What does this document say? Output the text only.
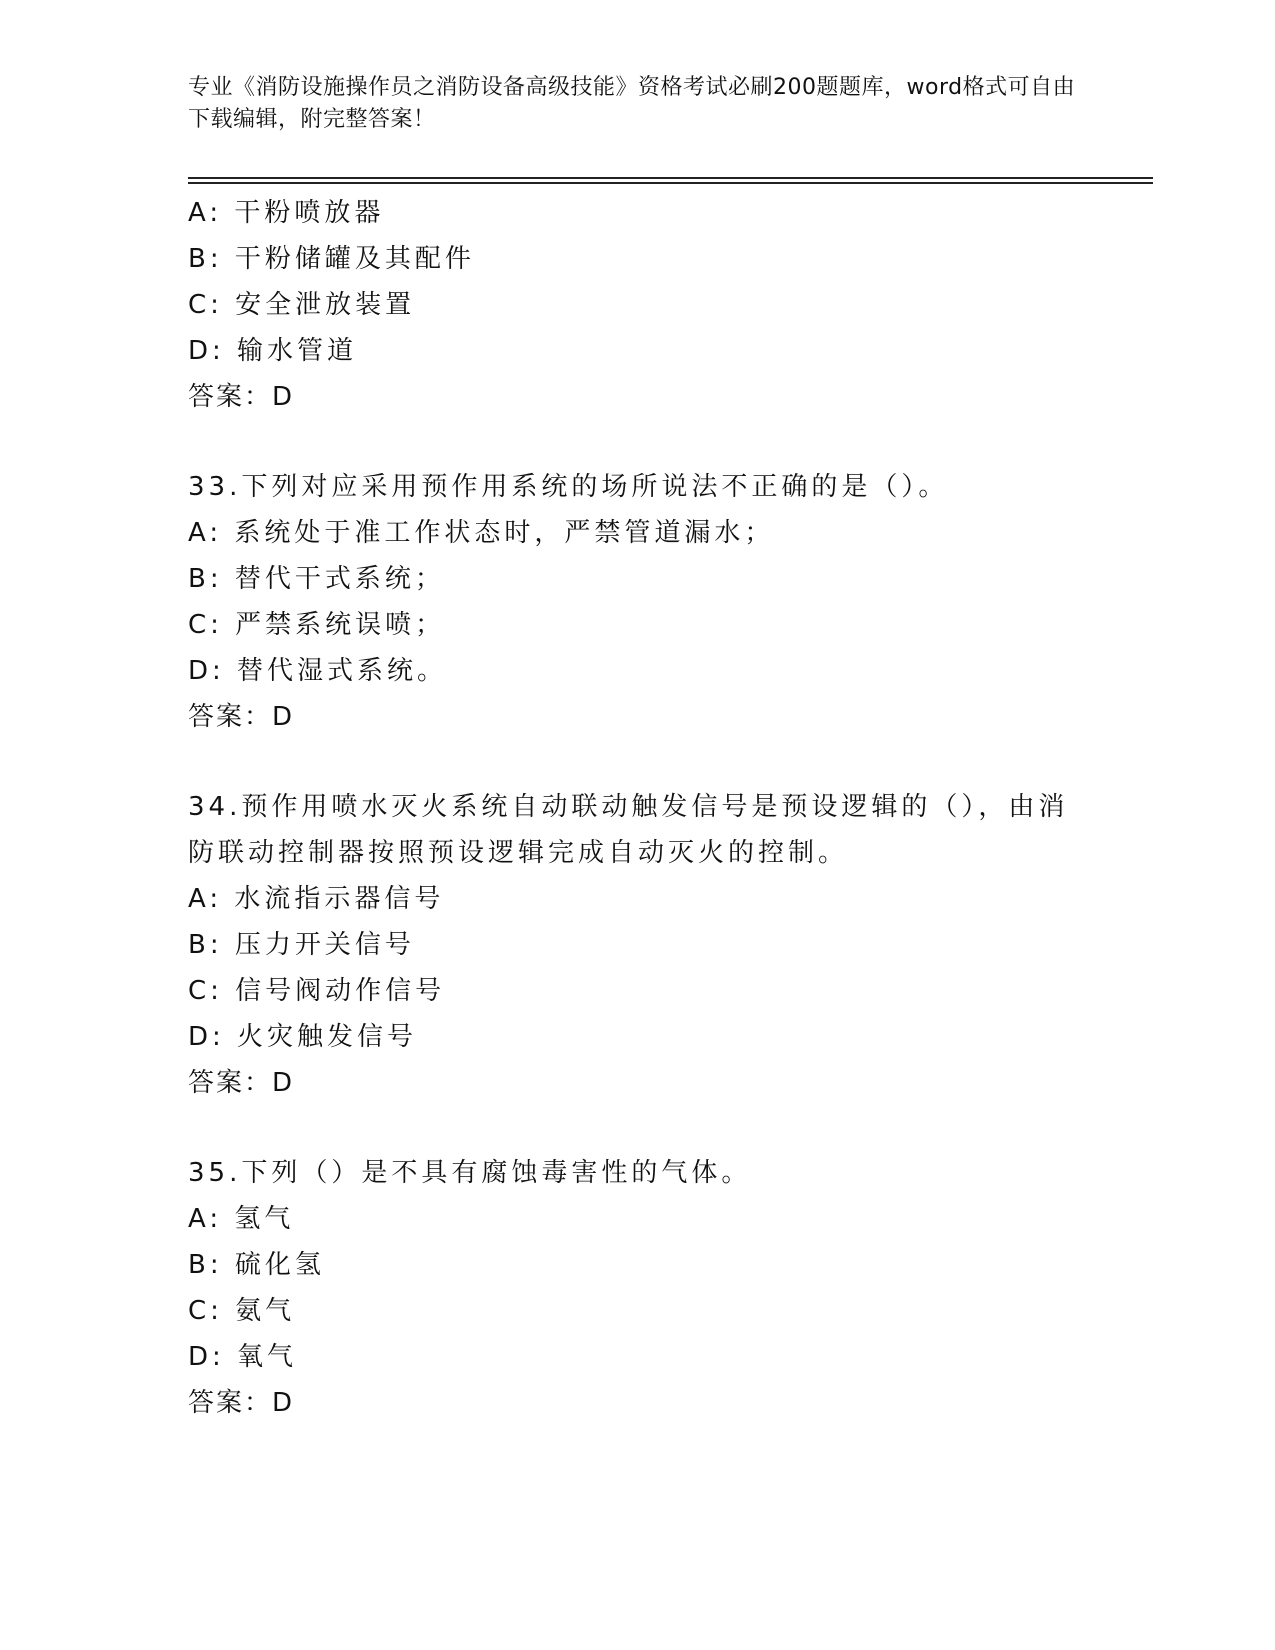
专业《消防设施操作员之消防设备高级技能》资格考试必刷200题题库，word格式可自由下载编辑，附完整答案！
A: 干粉喷放器
B: 干粉储罐及其配件
C: 安全泄放装置
D: 输水管道
答案：D
33.下列对应采用预作用系统的场所说法不正确的是（）。
A: 系统处于准工作状态时，严禁管道漏水；
B: 替代干式系统；
C: 严禁系统误喷；
D: 替代湿式系统。
答案：D
34.预作用喷水灭火系统自动联动触发信号是预设逻辑的（），由消防联动控制器按照预设逻辑完成自动灭火的控制。
A: 水流指示器信号
B: 压力开关信号
C: 信号阀动作信号
D: 火灾触发信号
答案：D
35.下列（）是不具有腐蚀毒害性的气体。
A: 氢气
B: 硫化氢
C: 氨气
D: 氧气
答案：D
